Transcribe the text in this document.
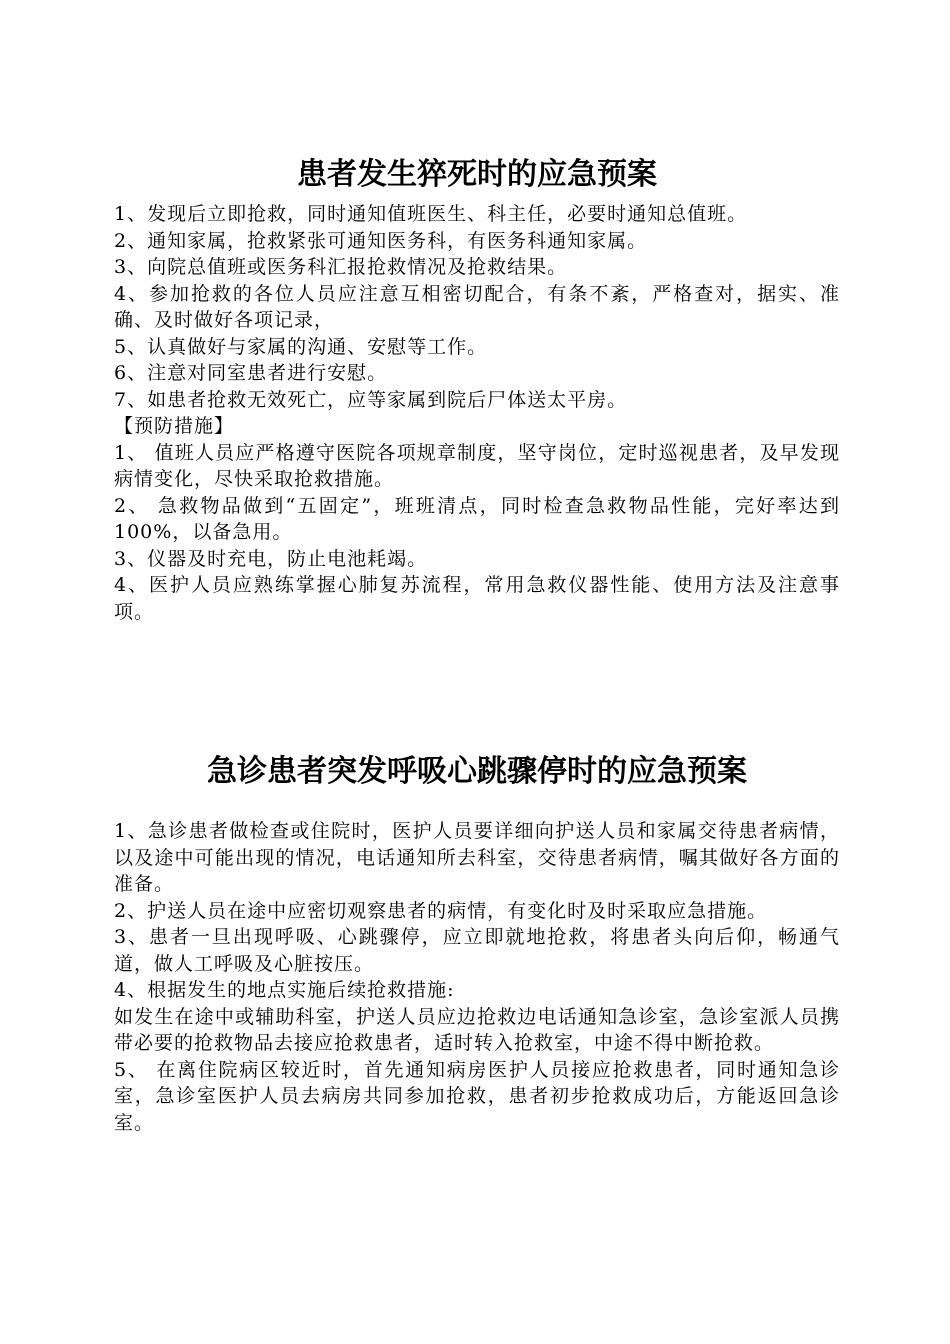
患者发生猝死时的应急预案

1、发现后立即抢救，同时通知值班医生、科主任，必要时通知总值班。

2、通知家属，抢救紧张可通知医务科，有医务科通知家属。

3、向院总值班或医务科汇报抢救情况及抢救结果。

4、参加抢救的各位人员应注意互相密切配合，有条不紊，严格查对，据实、准确、及时做好各项记录，

5、认真做好与家属的沟通、安慰等工作。

6、注意对同室患者进行安慰。

7、如患者抢救无效死亡，应等家属到院后尸体送太平房。

【预防措施】

1、 值班人员应严格遵守医院各项规章制度，坚守岗位，定时巡视患者，及早发现病情变化，尽快采取抢救措施。

2、 急救物品做到“五固定”，班班清点，同时检查急救物品性能，完好率达到100%，以备急用。

3、仪器及时充电，防止电池耗竭。

4、医护人员应熟练掌握心肺复苏流程，常用急救仪器性能、使用方法及注意事项。

急诊患者突发呼吸心跳骤停时的应急预案

1、急诊患者做检查或住院时，医护人员要详细向护送人员和家属交待患者病情，以及途中可能出现的情况，电话通知所去科室，交待患者病情，嘱其做好各方面的准备。

2、护送人员在途中应密切观察患者的病情，有变化时及时采取应急措施。

3、患者一旦出现呼吸、心跳骤停，应立即就地抢救，将患者头向后仰，畅通气道，做人工呼吸及心脏按压。

4、根据发生的地点实施后续抢救措施:

如发生在途中或辅助科室，护送人员应边抢救边电话通知急诊室，急诊室派人员携带必要的抢救物品去接应抢救患者，适时转入抢救室，中途不得中断抢救。

5、 在离住院病区较近时，首先通知病房医护人员接应抢救患者，同时通知急诊室，急诊室医护人员去病房共同参加抢救，患者初步抢救成功后，方能返回急诊室。
